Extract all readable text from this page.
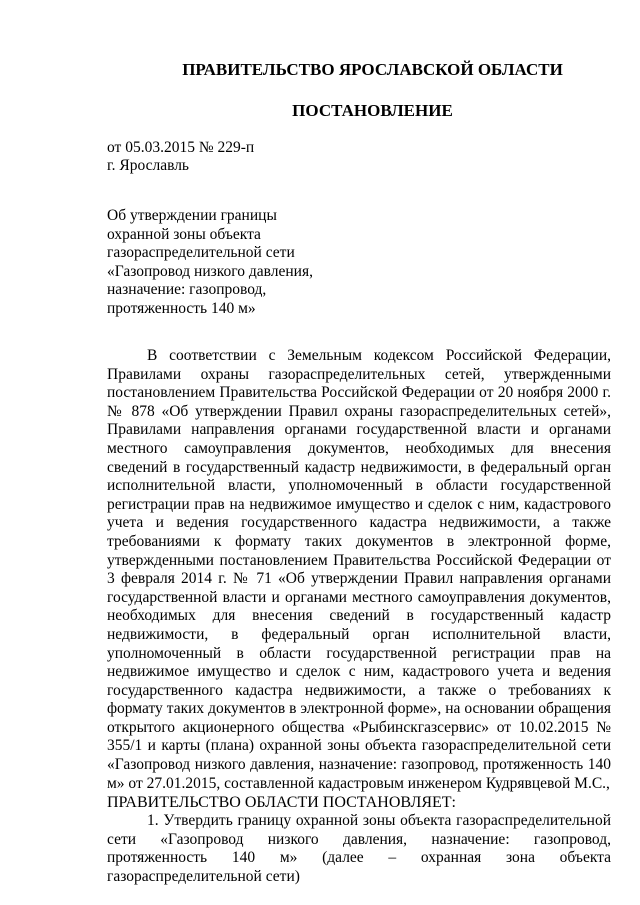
ПРАВИТЕЛЬСТВО ЯРОСЛАВСКОЙ ОБЛАСТИ
ПОСТАНОВЛЕНИЕ
от 05.03.2015 № 229-п
г. Ярославль
Об утверждении границы
охранной зоны объекта
газораспределительной сети
«Газопровод низкого давления,
назначение: газопровод,
протяженность 140 м»

В соответствии с Земельным кодексом Российской Федерации, Правилами охраны газораспределительных сетей, утвержденными постановлением Правительства Российской Федерации от 20 ноября 2000 г. № 878 «Об утверждении Правил охраны газораспределительных сетей», Правилами направления органами государственной власти и органами местного самоуправления документов, необходимых для внесения сведений в государственный кадастр недвижимости, в федеральный орган исполнительной власти, уполномоченный в области государственной регистрации прав на недвижимое имущество и сделок с ним, кадастрового учета и ведения государственного кадастра недвижимости, а также требованиями к формату таких документов в электронной форме, утвержденными постановлением Правительства Российской Федерации от 3 февраля 2014 г. № 71 «Об утверждении Правил направления органами государственной власти и органами местного самоуправления документов, необходимых для внесения сведений в государственный кадастр недвижимости, в федеральный орган исполнительной власти, уполномоченный в области государственной регистрации прав на недвижимое имущество и сделок с ним, кадастрового учета и ведения государственного кадастра недвижимости, а также о требованиях к формату таких документов в электронной форме», на основании обращения открытого акционерного общества «Рыбинскгазсервис» от 10.02.2015 № 355/1 и карты (плана) охранной зоны объекта газораспределительной сети «Газопровод низкого давления, назначение: газопровод, протяженность 140 м» от 27.01.2015, составленной кадастровым инженером Кудрявцевой М.С.,

ПРАВИТЕЛЬСТВО ОБЛАСТИ ПОСТАНОВЛЯЕТ:

1. Утвердить границу охранной зоны объекта газораспределительной сети «Газопровод низкого давления, назначение: газопровод, протяженность 140 м» (далее – охранная зона объекта газораспределительной сети)
